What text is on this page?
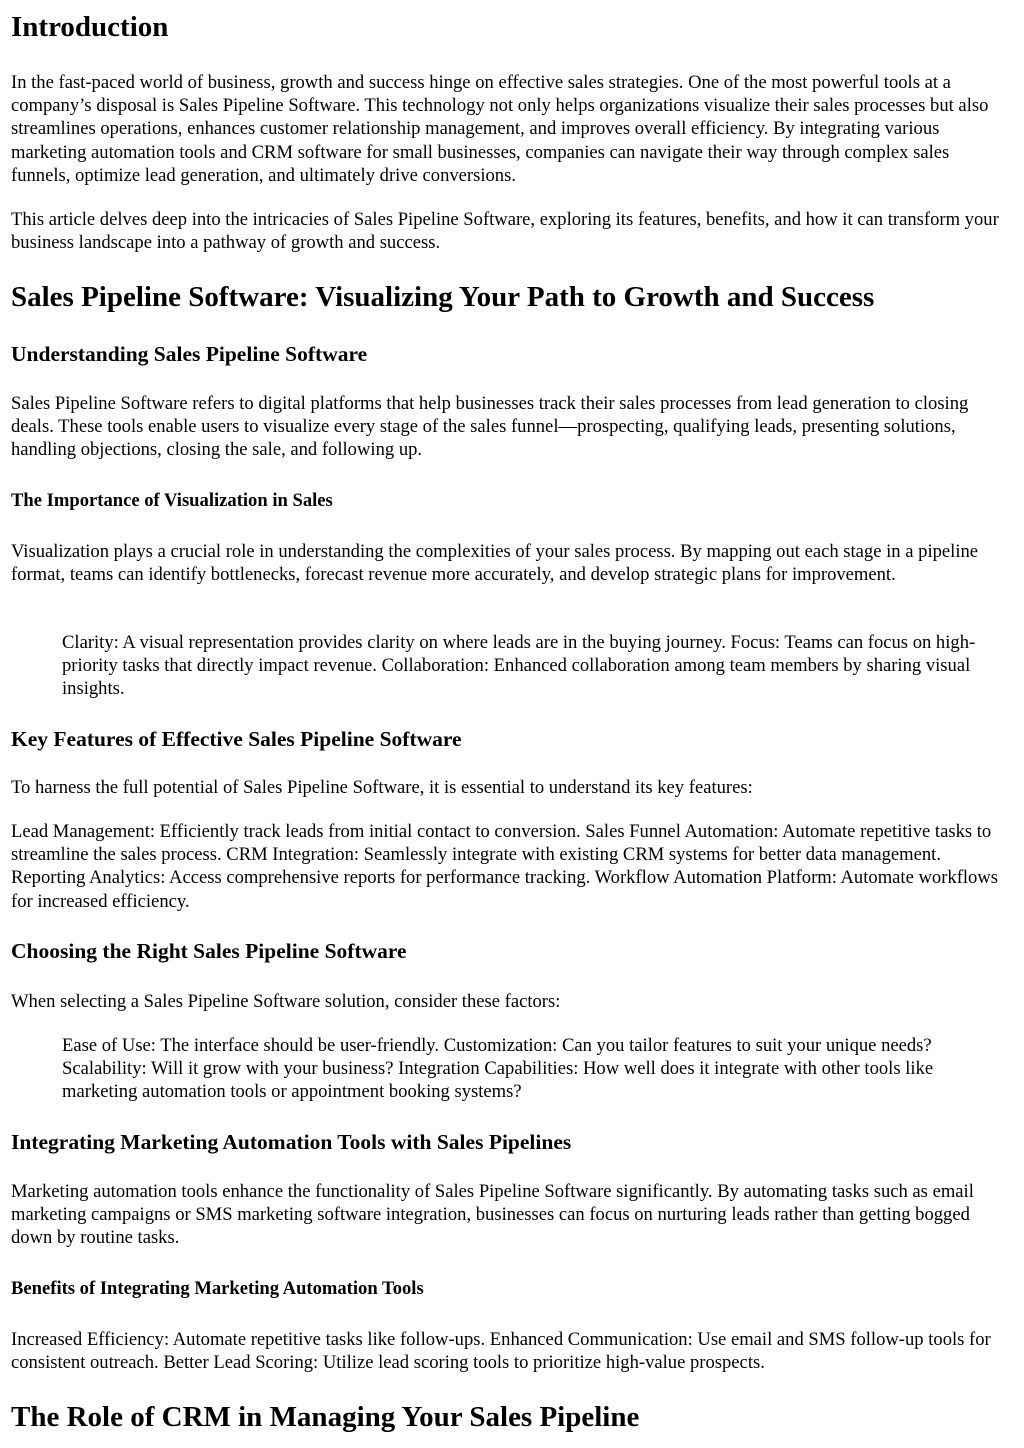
Introduction

In the fast-paced world of business, growth and success hinge on effective sales strategies. One of the most powerful tools at a company’s disposal is Sales Pipeline Software. This technology not only helps organizations visualize their sales processes but also streamlines operations, enhances customer relationship management, and improves overall efficiency. By integrating various marketing automation tools and CRM software for small businesses, companies can navigate their way through complex sales funnels, optimize lead generation, and ultimately drive conversions.

This article delves deep into the intricacies of Sales Pipeline Software, exploring its features, benefits, and how it can transform your business landscape into a pathway of growth and success.

Sales Pipeline Software: Visualizing Your Path to Growth and Success
Understanding Sales Pipeline Software

Sales Pipeline Software refers to digital platforms that help businesses track their sales processes from lead generation to closing deals. These tools enable users to visualize every stage of the sales funnel—prospecting, qualifying leads, presenting solutions, handling objections, closing the sale, and following up.

The Importance of Visualization in Sales

Visualization plays a crucial role in understanding the complexities of your sales process. By mapping out each stage in a pipeline format, teams can identify bottlenecks, forecast revenue more accurately, and develop strategic plans for improvement.

Clarity: A visual representation provides clarity on where leads are in the buying journey. Focus: Teams can focus on high-priority tasks that directly impact revenue. Collaboration: Enhanced collaboration among team members by sharing visual insights.

Key Features of Effective Sales Pipeline Software

To harness the full potential of Sales Pipeline Software, it is essential to understand its key features:

Lead Management: Efficiently track leads from initial contact to conversion. Sales Funnel Automation: Automate repetitive tasks to streamline the sales process. CRM Integration: Seamlessly integrate with existing CRM systems for better data management. Reporting Analytics: Access comprehensive reports for performance tracking. Workflow Automation Platform: Automate workflows for increased efficiency.

Choosing the Right Sales Pipeline Software

When selecting a Sales Pipeline Software solution, consider these factors:

Ease of Use: The interface should be user-friendly. Customization: Can you tailor features to suit your unique needs? Scalability: Will it grow with your business? Integration Capabilities: How well does it integrate with other tools like marketing automation tools or appointment booking systems?

Integrating Marketing Automation Tools with Sales Pipelines

Marketing automation tools enhance the functionality of Sales Pipeline Software significantly. By automating tasks such as email marketing campaigns or SMS marketing software integration, businesses can focus on nurturing leads rather than getting bogged down by routine tasks.

Benefits of Integrating Marketing Automation Tools

Increased Efficiency: Automate repetitive tasks like follow-ups. Enhanced Communication: Use email and SMS follow-up tools for consistent outreach. Better Lead Scoring: Utilize lead scoring tools to prioritize high-value prospects.

The Role of CRM in Managing Your Sales Pipeline
